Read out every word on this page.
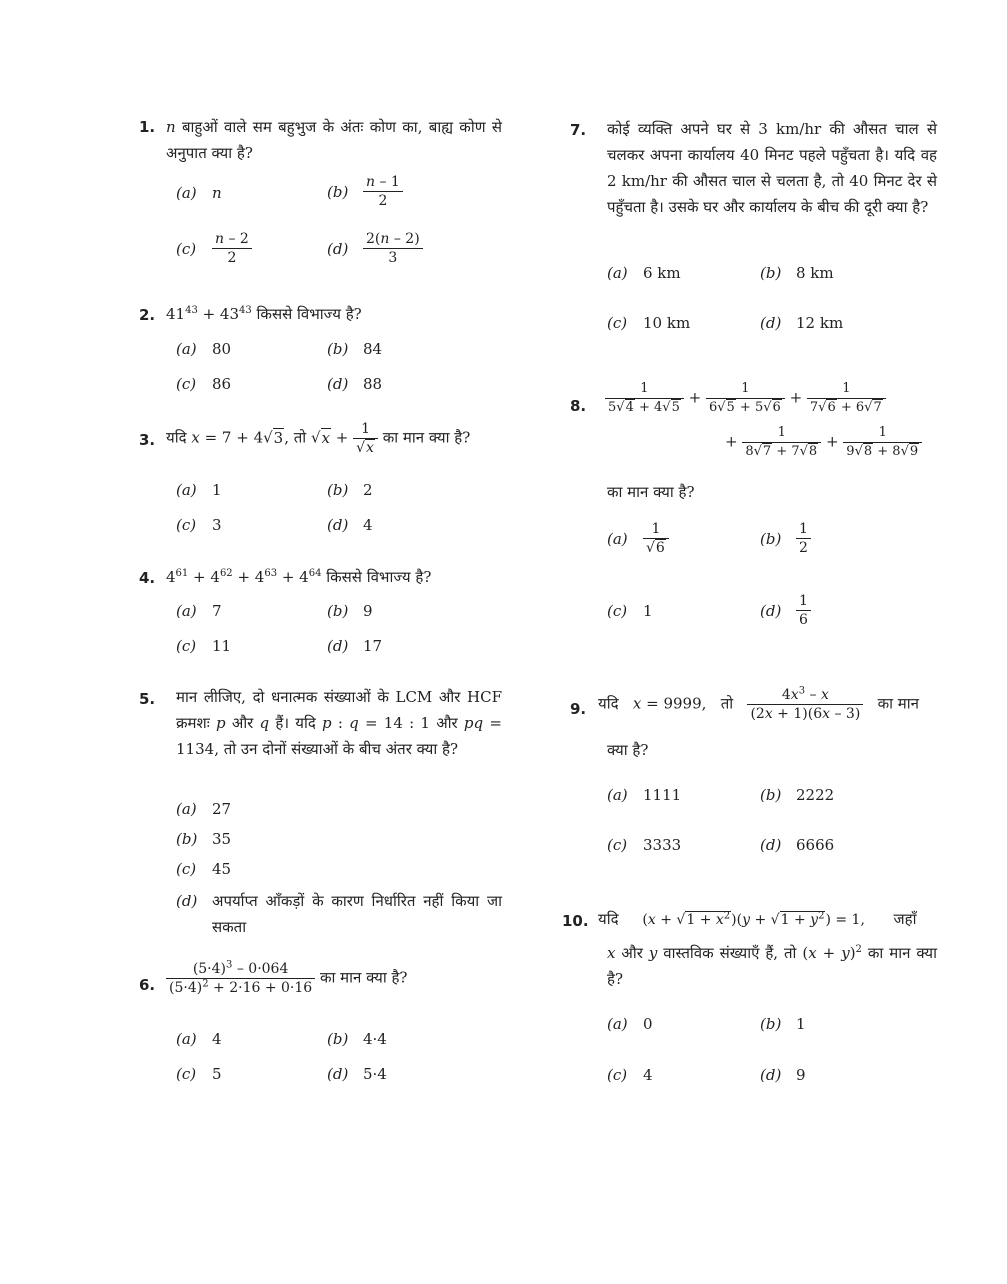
1. n बाहुओं वाले सम बहुभुज के अंतः कोण का, बाह्य कोण से अनुपात क्या है?
(a) n	$(b) \frac{n - 1}{2}$
$(c) \frac{n - 2}{2}$	$(d) \frac{2(n - 2)}{3}$
2. $41^{43} + 43^{43}$ किससे विभाज्य है?
(a) 80	(b) 84
(c) 86	(d) 88
3. यदि x = 7 + 4√3, तो $√x + \frac{1}{√x}$ का मान क्या है?
(a) 1	(b) 2
(c) 3	(d) 4
4. $4^{61} + 4^{62} + 4^{63} + 4^{64}$ किससे विभाज्य है?
(a) 7	(b) 9
(c) 11	(d) 17
5. मान लीजिए, दो धनात्मक संख्याओं के LCM और HCF क्रमशः p और q हैं। यदि p : q = 14 : 1 और pq = 1134, तो उन दोनों संख्याओं के बीच अंतर क्या है?
(a) 27
(b) 35
(c) 45
(d) अपर्याप्त आँकड़ों के कारण निर्धारित नहीं किया जा सकता
6. $\frac{(5\cdot 4)^3 - 0\cdot 064}{(5\cdot 4)^2 + 2\cdot 16 + 0\cdot 16}$ का मान क्या है?
(a) 4	(b) 4·4
(c) 5	(d) 5·4
7. कोई व्यक्ति अपने घर से 3 km/hr की औसत चाल से चलकर अपना कार्यालय 40 मिनट पहले पहुँचता है। यदि वह 2 km/hr की औसत चाल से चलता है, तो 40 मिनट देर से पहुँचता है। उसके घर और कार्यालय के बीच की दूरी क्या है?
(a) 6 km	(b) 8 km
(c) 10 km	(d) 12 km
8. $\frac{1}{5√4 + 4√5} + \frac{1}{6√5 + 5√6} + \frac{1}{7√6 + 6√7}$
+ $\frac{1}{8√7 + 7√8} + \frac{1}{9√8 + 8√9}$
का मान क्या है?
$(a) \frac{1}{√6}$	$(b) \frac{1}{2}$
(c) 1	$(d) \frac{1}{6}$
9. यदि x = 9999, तो $\frac{4x^3 - x}{(2x + 1)(6x - 3)}$ का मान
क्या है?
(a) 1111	(b) 2222
(c) 3333	(d) 6666
10. यदि $(x + √1 + x^2)(y + √1 + y^2) = 1$, जहाँ
x और y वास्तविक संख्याएँ हैं, तो $(x + y)^2$ का मान क्या है?
(a) 0	(b) 1
(c) 4	(d) 9
